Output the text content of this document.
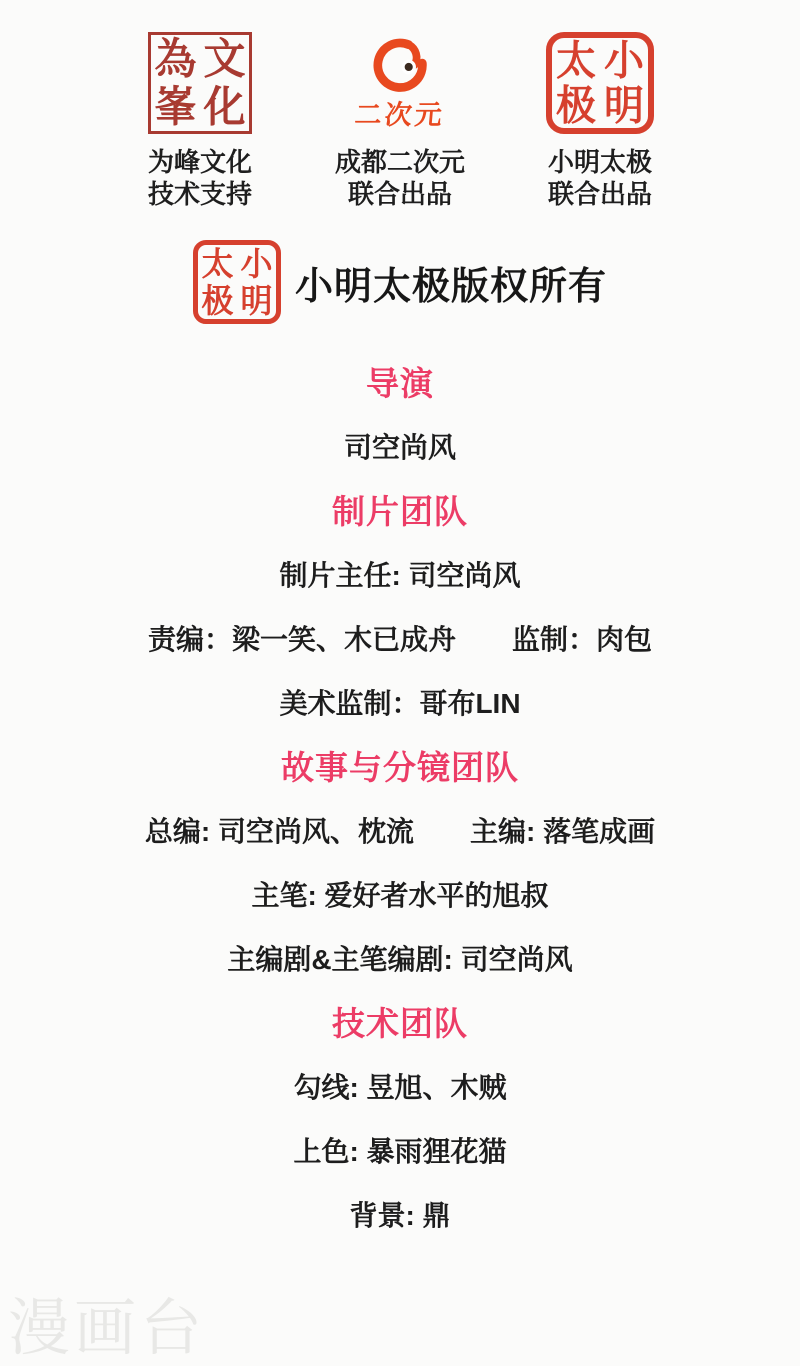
為 文
峯 化
为峰文化
技术支持
二次元
成都二次元
联合出品
太 小
极 明
小明太极
联合出品
太 小
极 明 小明太极版权所有
导演
司空尚风
制片团队
制片主任: 司空尚风
责编：梁一笑、木已成舟　　监制：肉包
美术监制：哥布LIN
故事与分镜团队
总编: 司空尚风、枕流　　主编: 落笔成画
主笔: 爱好者水平的旭叔
主编剧&主笔编剧: 司空尚风
技术团队
勾线: 昱旭、木贼
上色: 暴雨狸花猫
背景: 鼎
漫画台
